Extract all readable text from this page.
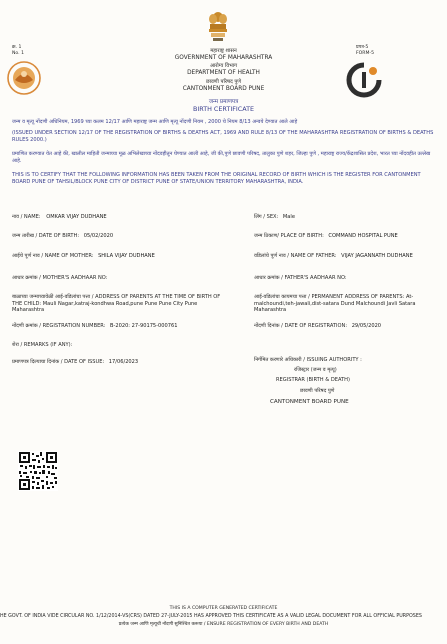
क्र. 1
No. 1
प्रपत्र-5
FORM-5
महाराष्ट्र शासन
GOVERNMENT OF MAHARASHTRA
आरोग्य विभाग
DEPARTMENT OF HEALTH
छावणी परिषद पुणे
CANTONMENT BOARD PUNE
जन्म प्रमाणपत्र
BIRTH CERTIFICATE
जन्म व मृत्यू नोंदणी अधिनियम, 1969 च्या कलम 12/17 आणि महाराष्ट्र जन्म आणि मृत्यू नोंदणी नियम , 2000 चे नियम 8/13 अन्वये देण्यात आले आहे
(ISSUED UNDER SECTION 12/17 OF THE REGISTRATION OF BIRTHS & DEATHS ACT, 1969 AND RULE 8/13 OF THE MAHARASHTRA REGISTRATION OF BIRTHS & DEATHS RULES 2000.)
प्रमाणित करण्यात येत आहे की, खालील माहिती जन्माच्या मूळ अभिलेखाच्या नोंदवहीतून घेण्यात आली आहे, जी की,पुणे छावणी परिषद, तालुका पुणे शहर, जिल्हा पुणे , महाराष्ट्र राज्य/केंद्रशासित प्रदेश, भारत च्या नोंदवहीत उल्लेख आहे.
THIS IS TO CERTIFY THAT THE FOLLOWING INFORMATION HAS BEEN TAKEN FROM THE ORIGINAL RECORD OF BIRTH WHICH IS THE REGISTER FOR CANTONMENT BOARD PUNE OF TAHSIL/BLOCK PUNE CITY OF DISTRICT PUNE OF STATE/UNION TERRITORY MAHARASHTRA, INDIA.
नाव / NAME: OMKAR VIJAY DUDHANE
जन्म तारीख / DATE OF BIRTH: 05/02/2020
आईचे पूर्ण नाव / NAME OF MOTHER: SHILA VIJAY DUDHANE
आधार क्रमांक / MOTHER'S AADHAAR NO:
बाळाच्या जन्माच्यावेळी आई-वडिलांचा पत्ता / ADDRESS OF PARENTS AT THE TIME OF BIRTH OF THE CHILD: Mauli Nagar,katraj-kondhwa Road,pune Pune Pune City Pune Maharashtra
नोंदणी क्रमांक / REGISTRATION NUMBER: B-2020: 27-90175-000761
शेरा / REMARKS (IF ANY):
प्रमाणपत्र दिल्याचा दिनांक / DATE OF ISSUE: 17/06/2023
लिंग / SEX: Male
जन्म ठिकाण/ PLACE OF BIRTH: COMMAND HOSPITAL PUNE
वडिलांचे पूर्ण नाव / NAME OF FATHER: VIJAY JAGANNATH DUDHANE
आधार क्रमांक / FATHER'S AADHAAR NO:
आई-वडिलांचा कायमचा पत्ता / PERMANENT ADDRESS OF PARENTS: At-malchoundi,teh-jawali,dist-satara Dund Malchoundi Javli Satara Maharashtra
नोंदणी दिनांक / DATE OF REGISTRATION: 29/05/2020
निर्गमित करणारे अधिकारी / ISSUING AUTHORITY :
रजिस्ट्रार (जन्म व मृत्यू)
REGISTRAR (BIRTH & DEATH)
छावणी परिषद पुणे
CANTONMENT BOARD PUNE
THIS IS A COMPUTER GENERATED CERTIFICATE
HE GOVT. OF INDIA VIDE CIRCULAR NO. 1/12/2014-VS(CRS) DATED 27-JULY-2015 HAS APPROVED THIS CERTIFICATE AS A VALID LEGAL DOCUMENT FOR ALL OFFICIAL PURPOSES
प्रत्येक जन्म आणि मृत्यूची नोंदणी सुनिश्चित करूया / ENSURE REGISTRATION OF EVERY BIRTH AND DEATH
